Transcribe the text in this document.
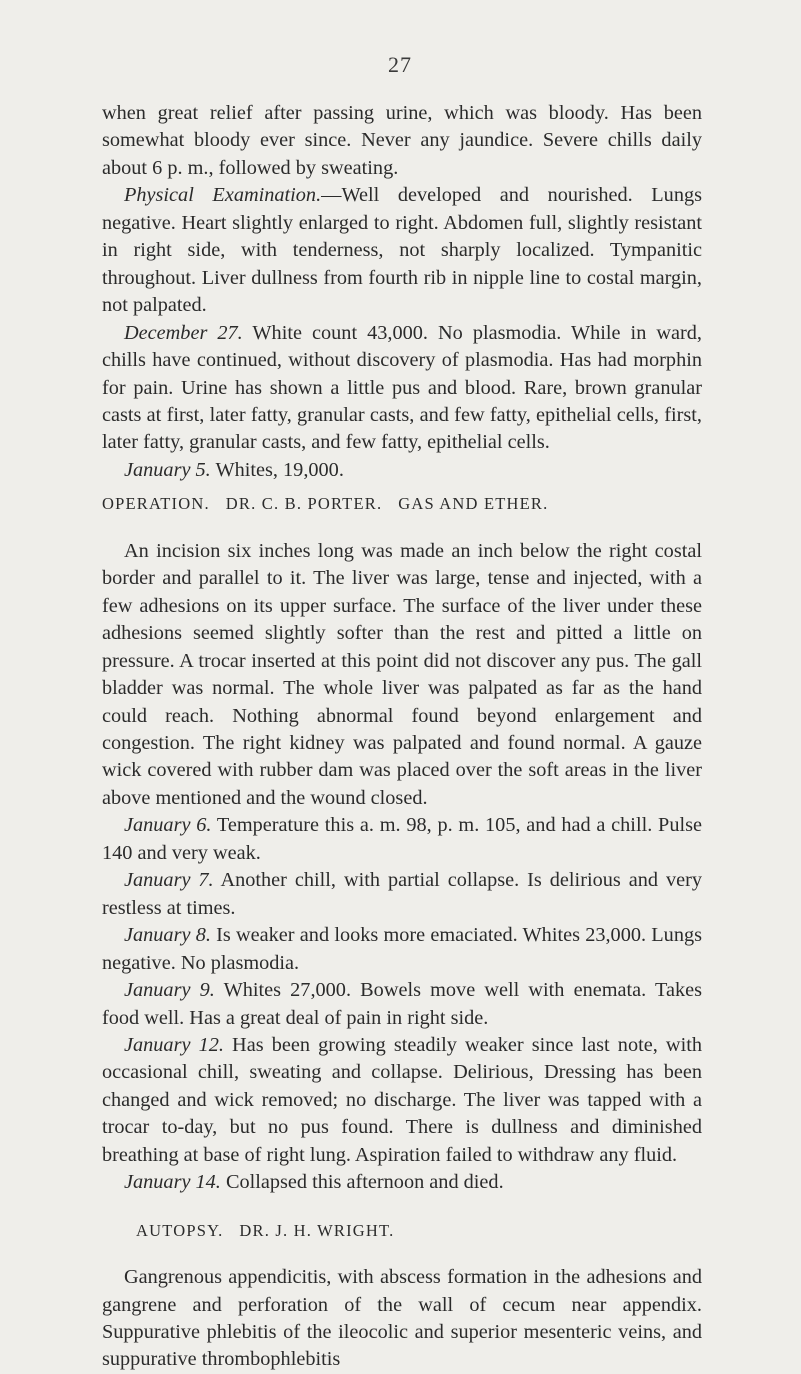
27

when great relief after passing urine, which was bloody. Has been somewhat bloody ever since. Never any jaundice. Severe chills daily about 6 p. m., followed by sweating.

Physical Examination.—Well developed and nourished. Lungs negative. Heart slightly enlarged to right. Abdomen full, slightly resistant in right side, with tenderness, not sharply localized. Tympanitic throughout. Liver dullness from fourth rib in nipple line to costal margin, not palpated.

December 27. White count 43,000. No plasmodia. While in ward, chills have continued, without discovery of plasmodia. Has had morphin for pain. Urine has shown a little pus and blood. Rare, brown granular casts at first, later fatty, granular casts, and few fatty, epithelial cells, first, later fatty, granular casts, and few fatty, epithelial cells.

January 5. Whites, 19,000.

OPERATION. DR. C. B. PORTER. GAS AND ETHER.

An incision six inches long was made an inch below the right costal border and parallel to it. The liver was large, tense and injected, with a few adhesions on its upper surface. The surface of the liver under these adhesions seemed slightly softer than the rest and pitted a little on pressure. A trocar inserted at this point did not discover any pus. The gall bladder was normal. The whole liver was palpated as far as the hand could reach. Nothing abnormal found beyond enlargement and congestion. The right kidney was palpated and found normal. A gauze wick covered with rubber dam was placed over the soft areas in the liver above mentioned and the wound closed.

January 6. Temperature this a. m. 98, p. m. 105, and had a chill. Pulse 140 and very weak.

January 7. Another chill, with partial collapse. Is delirious and very restless at times.

January 8. Is weaker and looks more emaciated. Whites 23,000. Lungs negative. No plasmodia.

January 9. Whites 27,000. Bowels move well with enemata. Takes food well. Has a great deal of pain in right side.

January 12. Has been growing steadily weaker since last note, with occasional chill, sweating and collapse. Delirious, Dressing has been changed and wick removed; no discharge. The liver was tapped with a trocar to-day, but no pus found. There is dullness and diminished breathing at base of right lung. Aspiration failed to withdraw any fluid.

January 14. Collapsed this afternoon and died.

AUTOPSY. DR. J. H. WRIGHT.

Gangrenous appendicitis, with abscess formation in the adhesions and gangrene and perforation of the wall of cecum near appendix. Suppurative phlebitis of the ileocolic and superior mesenteric veins, and suppurative thrombophlebitis
